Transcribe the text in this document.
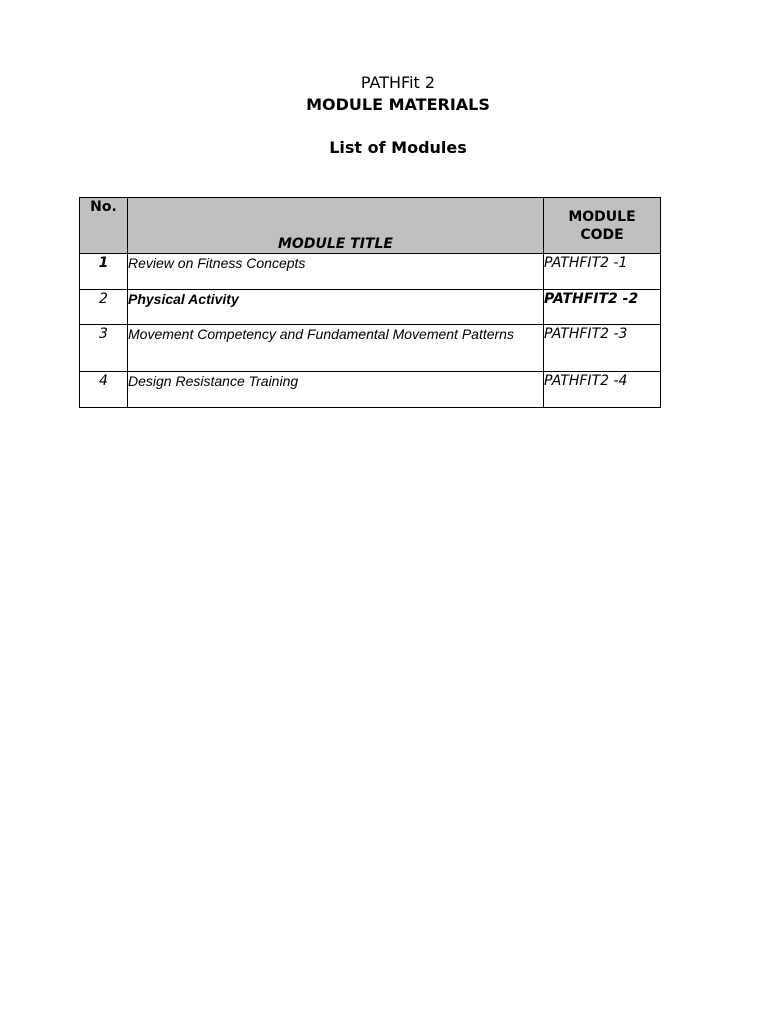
PATHFit 2
MODULE MATERIALS
List of Modules
No.	MODULE TITLE	MODULE
CODE

1	Review on Fitness Concepts	PATHFIT2 -1
2	Physical Activity	PATHFIT2 -2
3	Movement Competency and Fundamental Movement Patterns	PATHFIT2 -3
4	Design Resistance Training	PATHFIT2 -4
